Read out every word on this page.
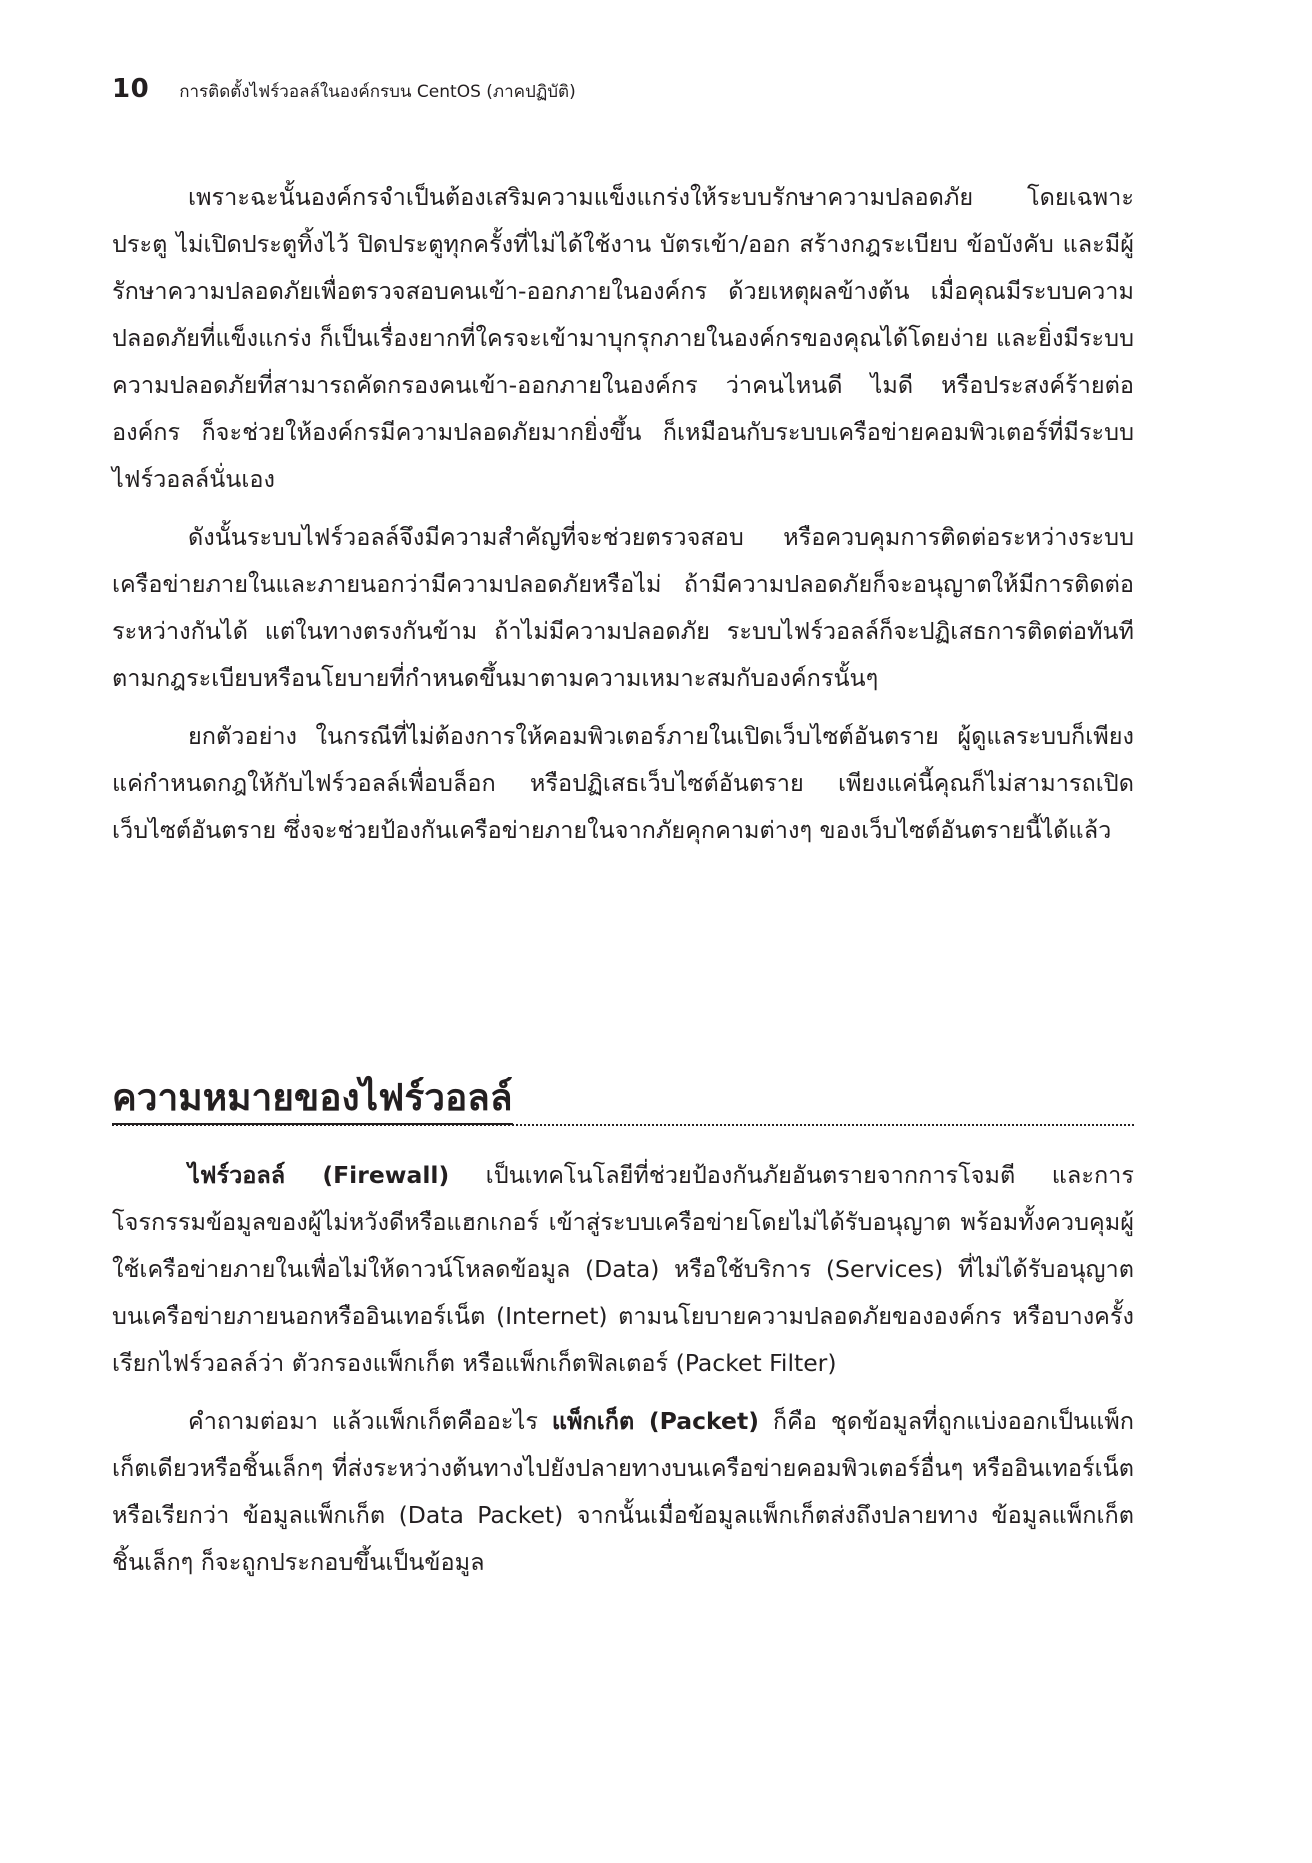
10 การติดตั้งไฟร์วอลล์ในองค์กรบน CentOS (ภาคปฏิบัติ)

เพราะฉะนั้นองค์กรจำเป็นต้องเสริมความแข็งแกร่งให้ระบบรักษาความปลอดภัย โดยเฉพาะประตู ไม่เปิดประตูทิ้งไว้ ปิดประตูทุกครั้งที่ไม่ได้ใช้งาน บัตรเข้า/ออก สร้างกฎระเบียบ ข้อบังคับ และมีผู้รักษาความปลอดภัยเพื่อตรวจสอบคนเข้า-ออกภายในองค์กร ด้วยเหตุผลข้างต้น เมื่อคุณมีระบบความปลอดภัยที่แข็งแกร่ง ก็เป็นเรื่องยากที่ใครจะเข้ามาบุกรุกภายในองค์กรของคุณได้โดยง่าย และยิ่งมีระบบความปลอดภัยที่สามารถคัดกรองคนเข้า-ออกภายในองค์กร ว่าคนไหนดี ไมดี หรือประสงค์ร้ายต่อองค์กร ก็จะช่วยให้องค์กรมีความปลอดภัยมากยิ่งขึ้น ก็เหมือนกับระบบเครือข่ายคอมพิวเตอร์ที่มีระบบไฟร์วอลล์นั่นเอง

ดังนั้นระบบไฟร์วอลล์จึงมีความสำคัญที่จะช่วยตรวจสอบ หรือควบคุมการติดต่อระหว่างระบบเครือข่ายภายในและภายนอกว่ามีความปลอดภัยหรือไม่ ถ้ามีความปลอดภัยก็จะอนุญาตให้มีการติดต่อระหว่างกันได้ แต่ในทางตรงกันข้าม ถ้าไม่มีความปลอดภัย ระบบไฟร์วอลล์ก็จะปฏิเสธการติดต่อทันที ตามกฎระเบียบหรือนโยบายที่กำหนดขึ้นมาตามความเหมาะสมกับองค์กรนั้นๆ

ยกตัวอย่าง ในกรณีที่ไม่ต้องการให้คอมพิวเตอร์ภายในเปิดเว็บไซต์อันตราย ผู้ดูแลระบบก็เพียงแค่กำหนดกฎให้กับไฟร์วอลล์เพื่อบล็อก หรือปฏิเสธเว็บไซต์อันตราย เพียงแค่นี้คุณก็ไม่สามารถเปิดเว็บไซต์อันตราย ซึ่งจะช่วยป้องกันเครือข่ายภายในจากภัยคุกคามต่างๆ ของเว็บไซต์อันตรายนี้ได้แล้ว

ความหมายของไฟร์วอลล์

ไฟร์วอลล์ (Firewall) เป็นเทคโนโลยีที่ช่วยป้องกันภัยอันตรายจากการโจมตี และการโจรกรรมข้อมูลของผู้ไม่หวังดีหรือแฮกเกอร์ เข้าสู่ระบบเครือข่ายโดยไม่ได้รับอนุญาต พร้อมทั้งควบคุมผู้ใช้เครือข่ายภายในเพื่อไม่ให้ดาวน์โหลดข้อมูล (Data) หรือใช้บริการ (Services) ที่ไม่ได้รับอนุญาตบนเครือข่ายภายนอกหรืออินเทอร์เน็ต (Internet) ตามนโยบายความปลอดภัยขององค์กร หรือบางครั้งเรียกไฟร์วอลล์ว่า ตัวกรองแพ็กเก็ต หรือแพ็กเก็ตฟิลเตอร์ (Packet Filter)

คำถามต่อมา แล้วแพ็กเก็ตคืออะไร แพ็กเก็ต (Packet) ก็คือ ชุดข้อมูลที่ถูกแบ่งออกเป็นแพ็กเก็ตเดียวหรือชิ้นเล็กๆ ที่ส่งระหว่างต้นทางไปยังปลายทางบนเครือข่ายคอมพิวเตอร์อื่นๆ หรืออินเทอร์เน็ต หรือเรียกว่า ข้อมูลแพ็กเก็ต (Data Packet) จากนั้นเมื่อข้อมูลแพ็กเก็ตส่งถึงปลายทาง ข้อมูลแพ็กเก็ตชิ้นเล็กๆ ก็จะถูกประกอบขึ้นเป็นข้อมูล
